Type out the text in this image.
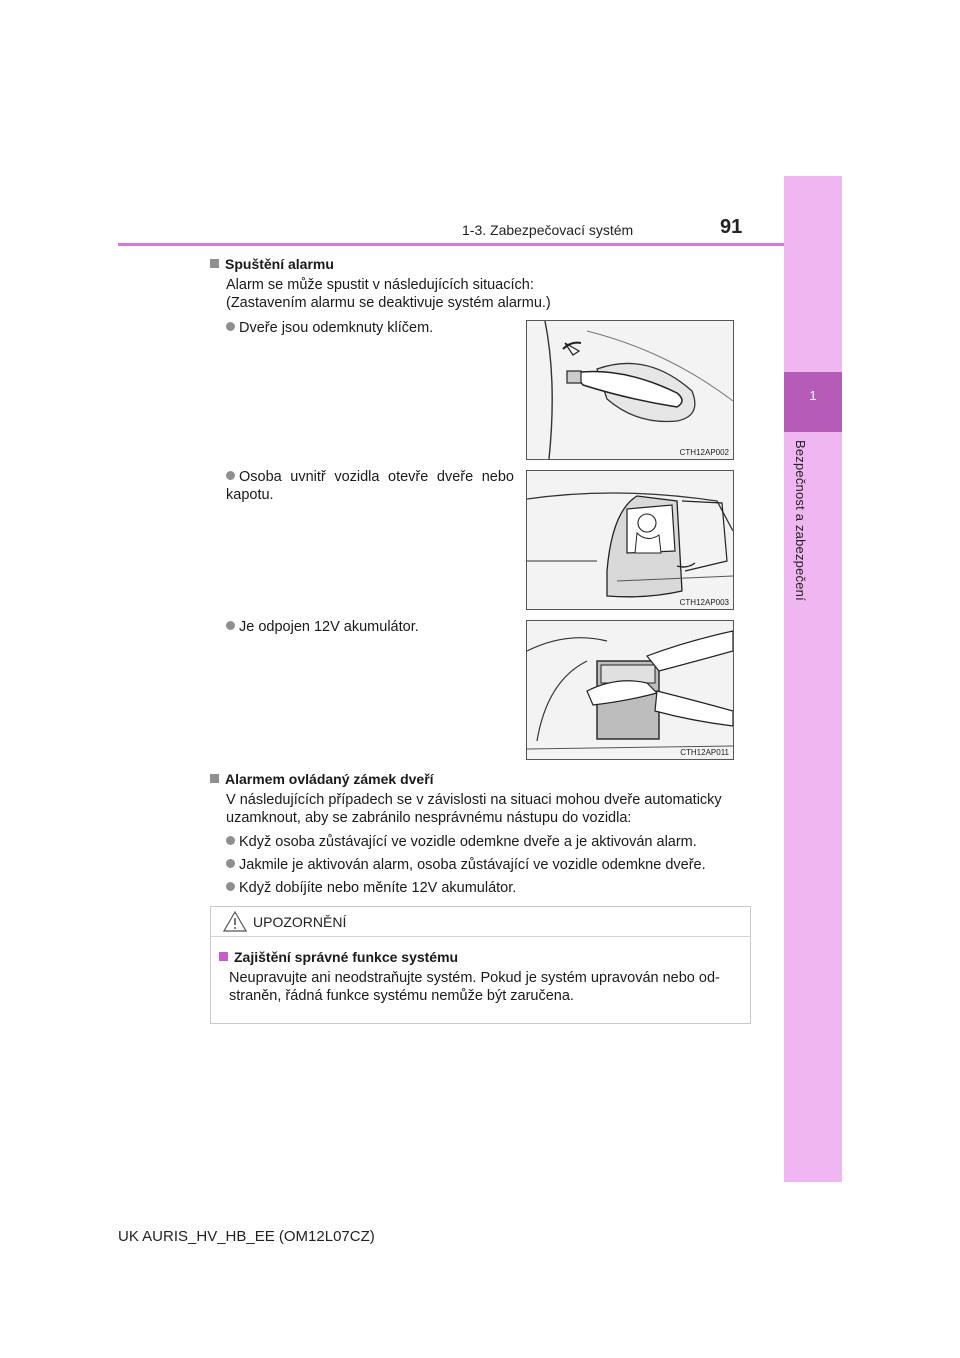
1
Bezpečnost a zabezpečení
1-3. Zabezpečovací systém	91
Spuštění alarmu
Alarm se může spustit v následujících situacích:
(Zastavením alarmu se deaktivuje systém alarmu.)
Dveře jsou odemknuty klíčem.
Osoba uvnitř vozidla otevře dveře nebo kapotu.
Je odpojen 12V akumulátor.
CTH12AP002
CTH12AP003
CTH12AP011
Alarmem ovládaný zámek dveří
V následujících případech se v závislosti na situaci mohou dveře automaticky uzamknout, aby se zabránilo nesprávnému nástupu do vozidla:
Když osoba zůstávající ve vozidle odemkne dveře a je aktivován alarm.
Jakmile je aktivován alarm, osoba zůstávající ve vozidle odemkne dveře.
Když dobíjíte nebo měníte 12V akumulátor.
UPOZORNĚNÍ
Zajištění správné funkce systému
Neupravujte ani neodstraňujte systém. Pokud je systém upravován nebo od-straněn, řádná funkce systému nemůže být zaručena.
UK AURIS_HV_HB_EE (OM12L07CZ)
